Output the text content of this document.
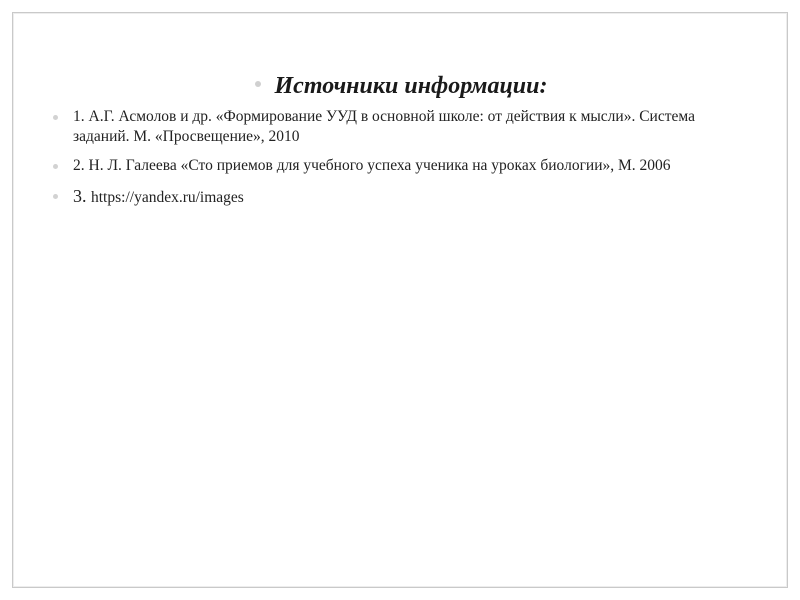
Источники информации:
1. А.Г. Асмолов и др. «Формирование УУД в основной школе: от действия к мысли». Система заданий. М. «Просвещение», 2010
2. Н. Л. Галеева «Сто приемов для учебного успеха ученика на уроках биологии», М. 2006
3. https://yandex.ru/images
